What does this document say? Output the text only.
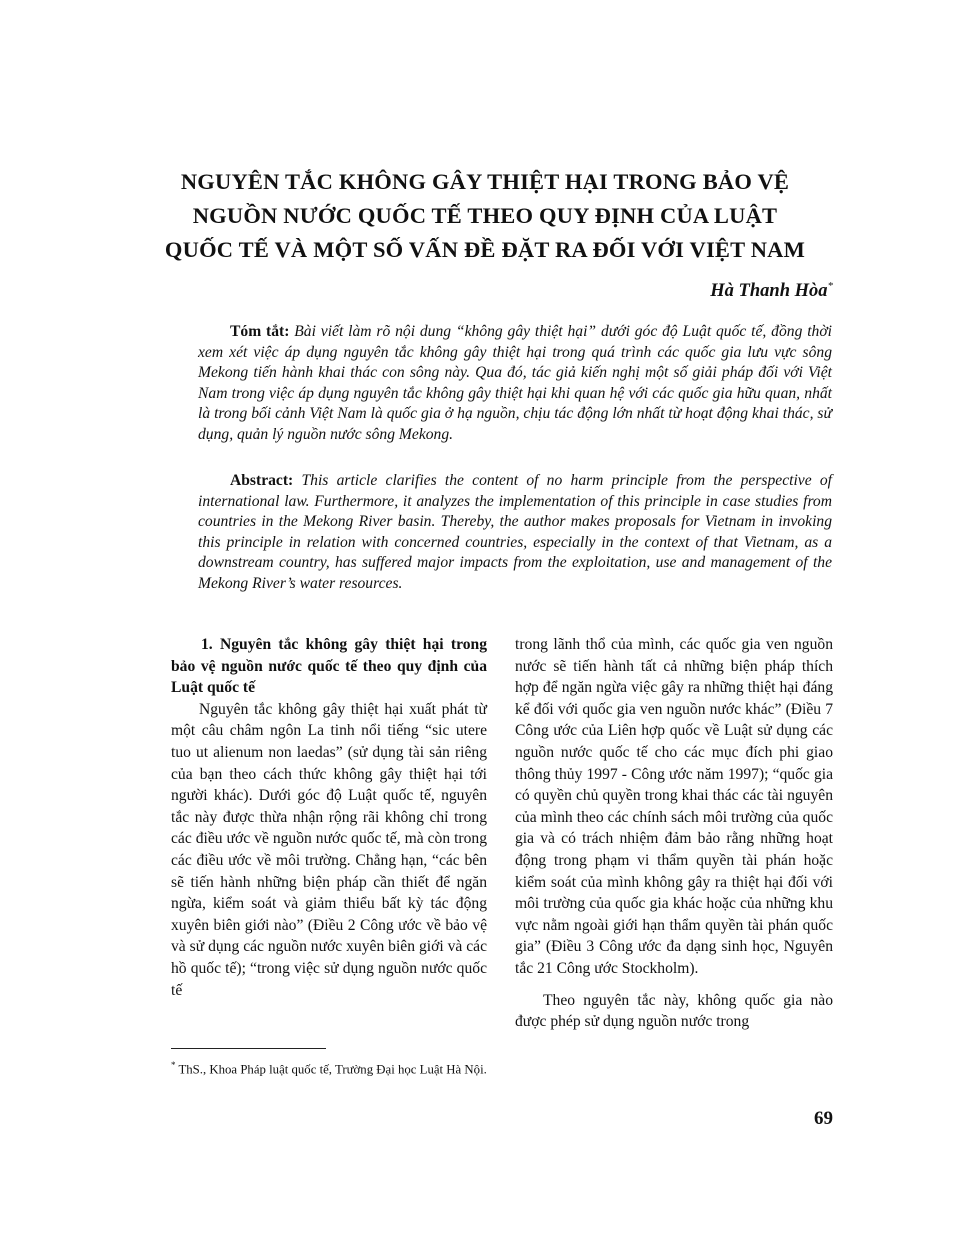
NGUYÊN TẮC KHÔNG GÂY THIỆT HẠI TRONG BẢO VỆ
NGUỒN NƯỚC QUỐC TẾ THEO QUY ĐỊNH CỦA LUẬT
QUỐC TẾ VÀ MỘT SỐ VẤN ĐỀ ĐẶT RA ĐỐI VỚI VIỆT NAM
Hà Thanh Hòa*
Tóm tắt: Bài viết làm rõ nội dung “không gây thiệt hại” dưới góc độ Luật quốc tế, đồng thời xem xét việc áp dụng nguyên tắc không gây thiệt hại trong quá trình các quốc gia lưu vực sông Mekong tiến hành khai thác con sông này. Qua đó, tác giả kiến nghị một số giải pháp đối với Việt Nam trong việc áp dụng nguyên tắc không gây thiệt hại khi quan hệ với các quốc gia hữu quan, nhất là trong bối cảnh Việt Nam là quốc gia ở hạ nguồn, chịu tác động lớn nhất từ hoạt động khai thác, sử dụng, quản lý nguồn nước sông Mekong.
Abstract: This article clarifies the content of no harm principle from the perspective of international law. Furthermore, it analyzes the implementation of this principle in case studies from countries in the Mekong River basin. Thereby, the author makes proposals for Vietnam in invoking this principle in relation with concerned countries, especially in the context of that Vietnam, as a downstream country, has suffered major impacts from the exploitation, use and management of the Mekong River’s water resources.

1. Nguyên tắc không gây thiệt hại trong bảo vệ nguồn nước quốc tế theo quy định của Luật quốc tế

Nguyên tắc không gây thiệt hại xuất phát từ một câu châm ngôn La tinh nổi tiếng “sic utere tuo ut alienum non laedas” (sử dụng tài sản riêng của bạn theo cách thức không gây thiệt hại tới người khác). Dưới góc độ Luật quốc tế, nguyên tắc này được thừa nhận rộng rãi không chỉ trong các điều ước về nguồn nước quốc tế, mà còn trong các điều ước về môi trường. Chẳng hạn, “các bên sẽ tiến hành những biện pháp cần thiết để ngăn ngừa, kiểm soát và giảm thiểu bất kỳ tác động xuyên biên giới nào” (Điều 2 Công ước về bảo vệ và sử dụng các nguồn nước xuyên biên giới và các hồ quốc tế); “trong việc sử dụng nguồn nước quốc tế

trong lãnh thổ của mình, các quốc gia ven nguồn nước sẽ tiến hành tất cả những biện pháp thích hợp để ngăn ngừa việc gây ra những thiệt hại đáng kể đối với quốc gia ven nguồn nước khác” (Điều 7 Công ước của Liên hợp quốc về Luật sử dụng các nguồn nước quốc tế cho các mục đích phi giao thông thủy 1997 - Công ước năm 1997); “quốc gia có quyền chủ quyền trong khai thác các tài nguyên của mình theo các chính sách môi trường của quốc gia và có trách nhiệm đảm bảo rằng những hoạt động trong phạm vi thẩm quyền tài phán hoặc kiểm soát của mình không gây ra thiệt hại đối với môi trường của quốc gia khác hoặc của những khu vực nằm ngoài giới hạn thẩm quyền tài phán quốc gia” (Điều 3 Công ước đa dạng sinh học, Nguyên tắc 21 Công ước Stockholm).

Theo nguyên tắc này, không quốc gia nào được phép sử dụng nguồn nước trong

* ThS., Khoa Pháp luật quốc tế, Trường Đại học Luật Hà Nội.
69
